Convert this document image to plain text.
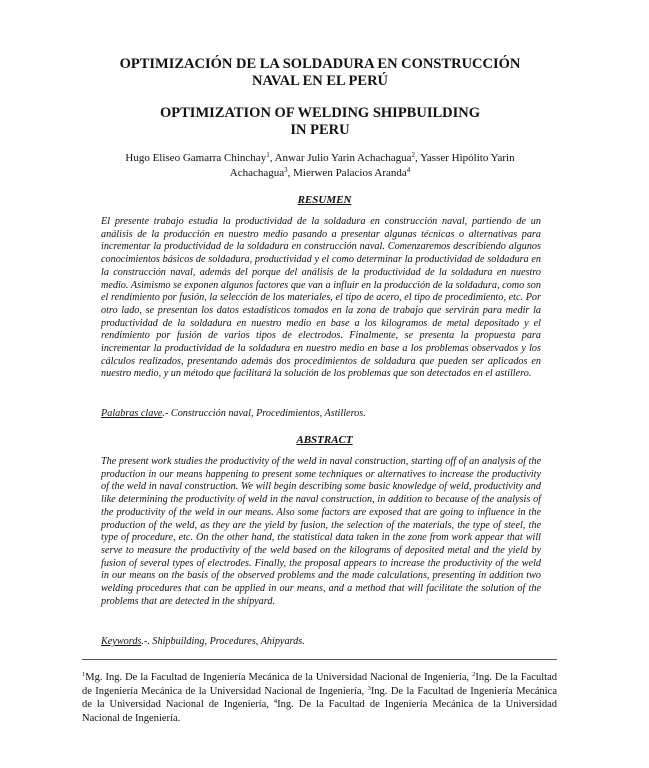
OPTIMIZACIÓN DE LA SOLDADURA EN CONSTRUCCIÓN
NAVAL EN EL PERÚ
OPTIMIZATION OF WELDING SHIPBUILDING
IN PERU

Hugo Eliseo Gamarra Chinchay$^1$, Anwar Julio Yarin Achachagua$^2$, Yasser Hipólito Yarin Achachagua$^3$, Mierwen Palacios Aranda$^4$

RESUMEN

El presente trabajo estudia la productividad de la soldadura en construcción naval, partiendo de un análisis de la producción en nuestro medio pasando a presentar algunas técnicas o alternativas para incrementar la productividad de la soldadura en construcción naval. Comenzaremos describiendo algunos conocimientos básicos de soldadura, productividad y el como determinar la productividad de soldadura en la construcción naval, además del porque del análisis de la productividad de la soldadura en nuestro medio. Asimismo se exponen algunos factores que van a influir en la producción de la soldadura, como son el rendimiento por fusión, la selección de los materiales, el tipo de acero, el tipo de procedimiento, etc. Por otro lado, se presentan los datos estadísticos tomados en la zona de trabajo que servirán para medir la productividad de la soldadura en nuestro medio en base a los kilogramos de metal depositado y el rendimiento por fusión de varios tipos de electrodos. Finalmente, se presenta la propuesta para incrementar la productividad de la soldadura en nuestro medio en base a los problemas observados y los cálculos realizados, presentando además dos procedimientos de soldadura que pueden ser aplicados en nuestro medio, y un método que facilitará la solución de los problemas que son detectados en el astillero.

Palabras clave.- Construcción naval, Procedimientos, Astilleros.

ABSTRACT

The present work studies the productivity of the weld in naval construction, starting off of an analysis of the production in our means happening to present some techniques or alternatives to increase the productivity of the weld in naval construction. We will begin describing some basic knowledge of weld, productivity and like determining the productivity of weld in the naval construction, in addition to because of the analysis of the productivity of the weld in our means. Also some factors are exposed that are going to influence in the production of the weld, as they are the yield by fusion, the selection of the materials, the type of steel, the type of procedure, etc. On the other hand, the statistical data taken in the zone from work appear that will serve to measure the productivity of the weld based on the kilograms of deposited metal and the yield by fusion of several types of electrodes. Finally, the proposal appears to increase the productivity of the weld in our means on the basis of the observed problems and the made calculations, presenting in addition two welding procedures that can be applied in our means, and a method that will facilitate the solution of the problems that are detected in the shipyard.

Keywords.-. Shipbuilding, Procedures, Ahipyards.

$^1$Mg. Ing. De la Facultad de Ingeniería Mecánica de la Universidad Nacional de Ingeniería, $^2$Ing. De la Facultad de Ingeniería Mecánica de la Universidad Nacional de Ingeniería, $^3$Ing. De la Facultad de Ingeniería Mecánica de la Universidad Nacional de Ingeniería, $^4$Ing. De la Facultad de Ingeniería Mecánica de la Universidad Nacional de Ingeniería.
